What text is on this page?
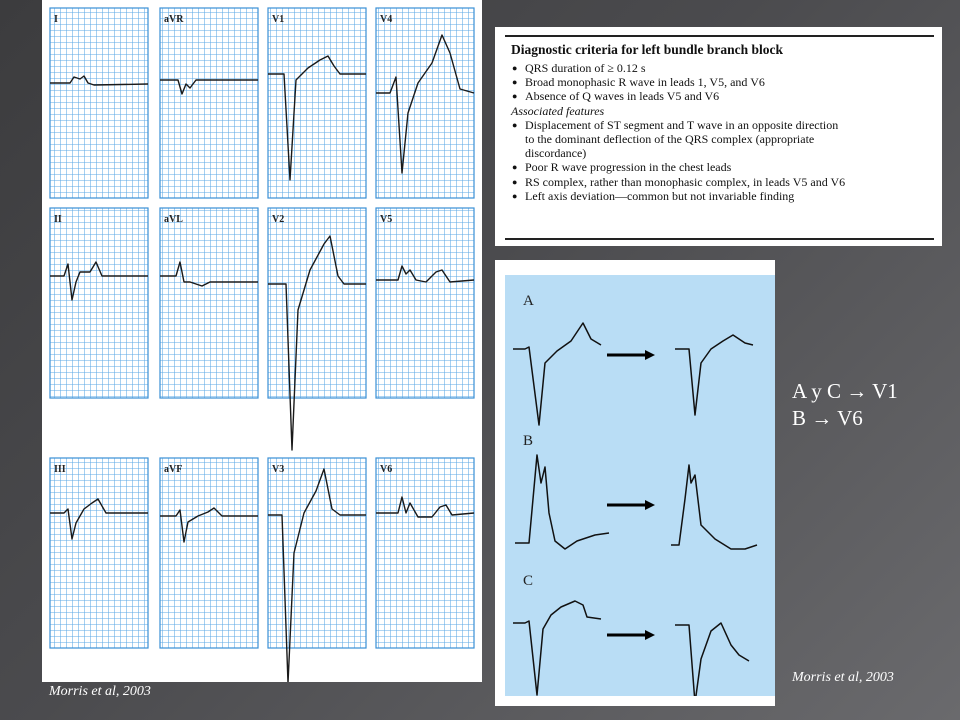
I	aVR	V1	V4
II	aVL	V2	V5
III	aVF	V3	V6
Diagnostic criteria for left bundle branch block
● QRS duration of ≥ 0.12 s
● Broad monophasic R wave in leads 1, V5, and V6
● Absence of Q waves in leads V5 and V6
Associated features
● Displacement of ST segment and T wave in an opposite direction
to the dominant deflection of the QRS complex (appropriate
discordance)
● Poor R wave progression in the chest leads
● RS complex, rather than monophasic complex, in leads V5 and V6
● Left axis deviation—common but not invariable finding
A
B
C
A y C → V1
B → V6
Morris et al, 2003
Morris et al, 2003
